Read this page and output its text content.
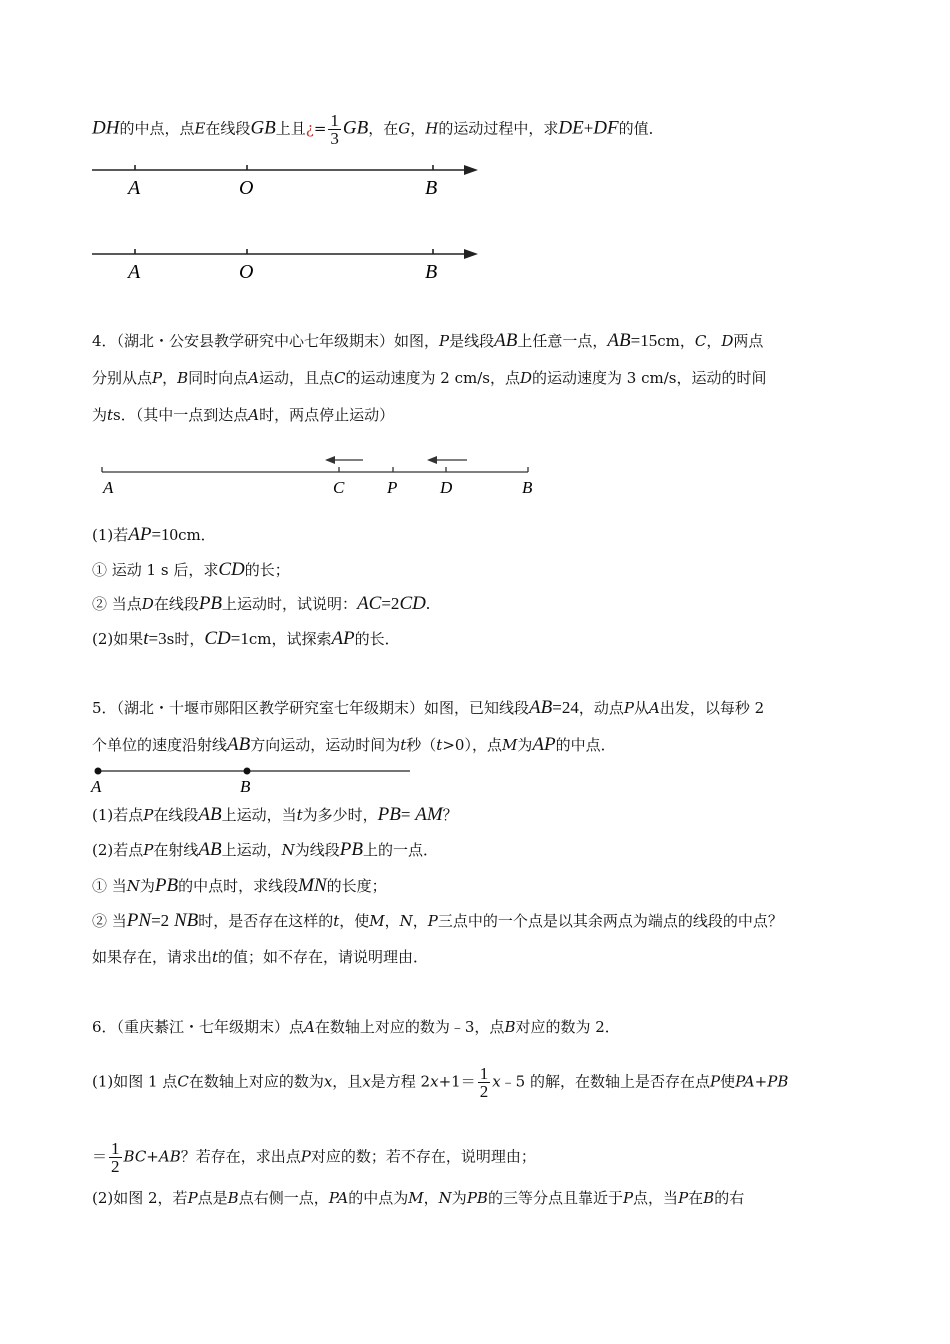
DH的中点，点E在线段GB上且¿= $\frac{1}{3}$ GB，在G，H的运动过程中，求DE+DF的值．
A	O	B
A	O	B
4．（湖北・公安县教学研究中心七年级期末）如图，P是线段AB上任意一点，AB=15cm，C，D两点
分别从点P，B同时向点A运动，且点C的运动速度为 2 cm/s，点D的运动速度为 3 cm/s，运动的时间
为ts．（其中一点到达点A时，两点停止运动）
A	C	P	D	B
(1)若AP=10cm．
① 运动 1 s 后，求CD的长；
② 当点D在线段PB上运动时，试说明：AC=2CD.
(2)如果t=3s时，CD=1cm，试探索AP的长．
5．（湖北・十堰市郧阳区教学研究室七年级期末）如图，已知线段AB=24，动点P从A出发，以每秒 2
个单位的速度沿射线AB方向运动，运动时间为t秒（t>0），点M为AP的中点．
A	B
(1)若点P在线段AB上运动，当t为多少时，PB= AM？
(2)若点P在射线AB上运动，N为线段PB上的一点．
① 当N为PB的中点时，求线段MN的长度；
② 当PN=2 NB时，是否存在这样的t，使M，N，P三点中的一个点是以其余两点为端点的线段的中点？
如果存在，请求出t的值；如不存在，请说明理由．
6．（重庆綦江・七年级期末）点A在数轴上对应的数为﹣3，点B对应的数为 2．
(1)如图 1 点C在数轴上对应的数为x，且x是方程 $2x+1= \frac{1}{2}$ x﹣5 的解，在数轴上是否存在点P使PA+PB
＝ $\frac{1}{2} BC+AB$？若存在，求出点P对应的数；若不存在，说明理由；
(2)如图 2，若P点是B点右侧一点，PA的中点为M，N为PB的三等分点且靠近于P点，当P在B的右
